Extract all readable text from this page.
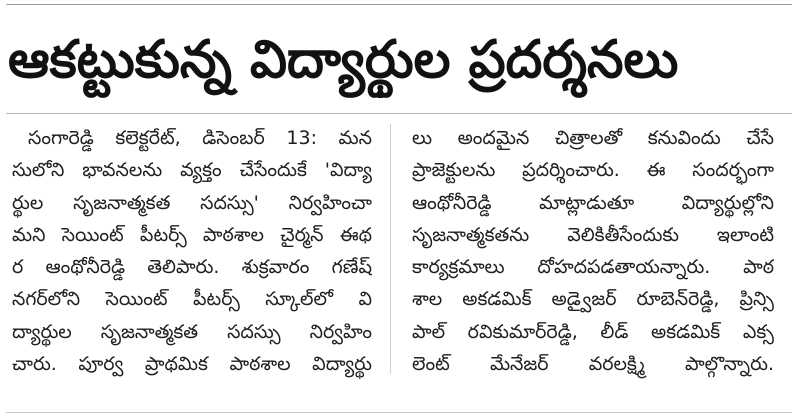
ఆకట్టుకున్న విద్యార్థుల ప్రదర్శనలు
సంగారెడ్డి కలెక్టరేట్, డిసెంబర్ 13: మన
సులోని భావనలను వ్యక్తం చేసేందుకే 'విద్యా
ర్థుల సృజనాత్మకత సదస్సు' నిర్వహించా
మని సెయింట్ పీటర్స్ పాఠశాల చైర్మన్ ఈథ
ర ఆంథోనీరెడ్డి తెలిపారు. శుక్రవారం గణేష్
నగర్‌లోని సెయింట్ పీటర్స్ స్కూల్‌లో వి
ద్యార్థుల సృజనాత్మకత సదస్సు నిర్వహిం
చారు. పూర్వ ప్రాథమిక పాఠశాల విద్యార్థు
లు అందమైన చిత్రాలతో కనువిందు చేసే
ప్రాజెక్టులను ప్రదర్శించారు. ఈ సందర్భంగా
ఆంథోనీరెడ్డి మాట్లాడుతూ విద్యార్థుల్లోని
సృజనాత్మకతను వెలికితీసేందుకు ఇలాంటి
కార్యక్రమాలు దోహదపడతాయన్నారు. పాఠ
శాల అకడమిక్ అడ్వైజర్ రూబెన్‌రెడ్డి, ప్రిన్సి
పాల్ రవికుమార్‌రెడ్డి, లీడ్ అకడమిక్ ఎక్స
లెంట్ మేనేజర్ వరలక్ష్మి పాల్గొన్నారు.
